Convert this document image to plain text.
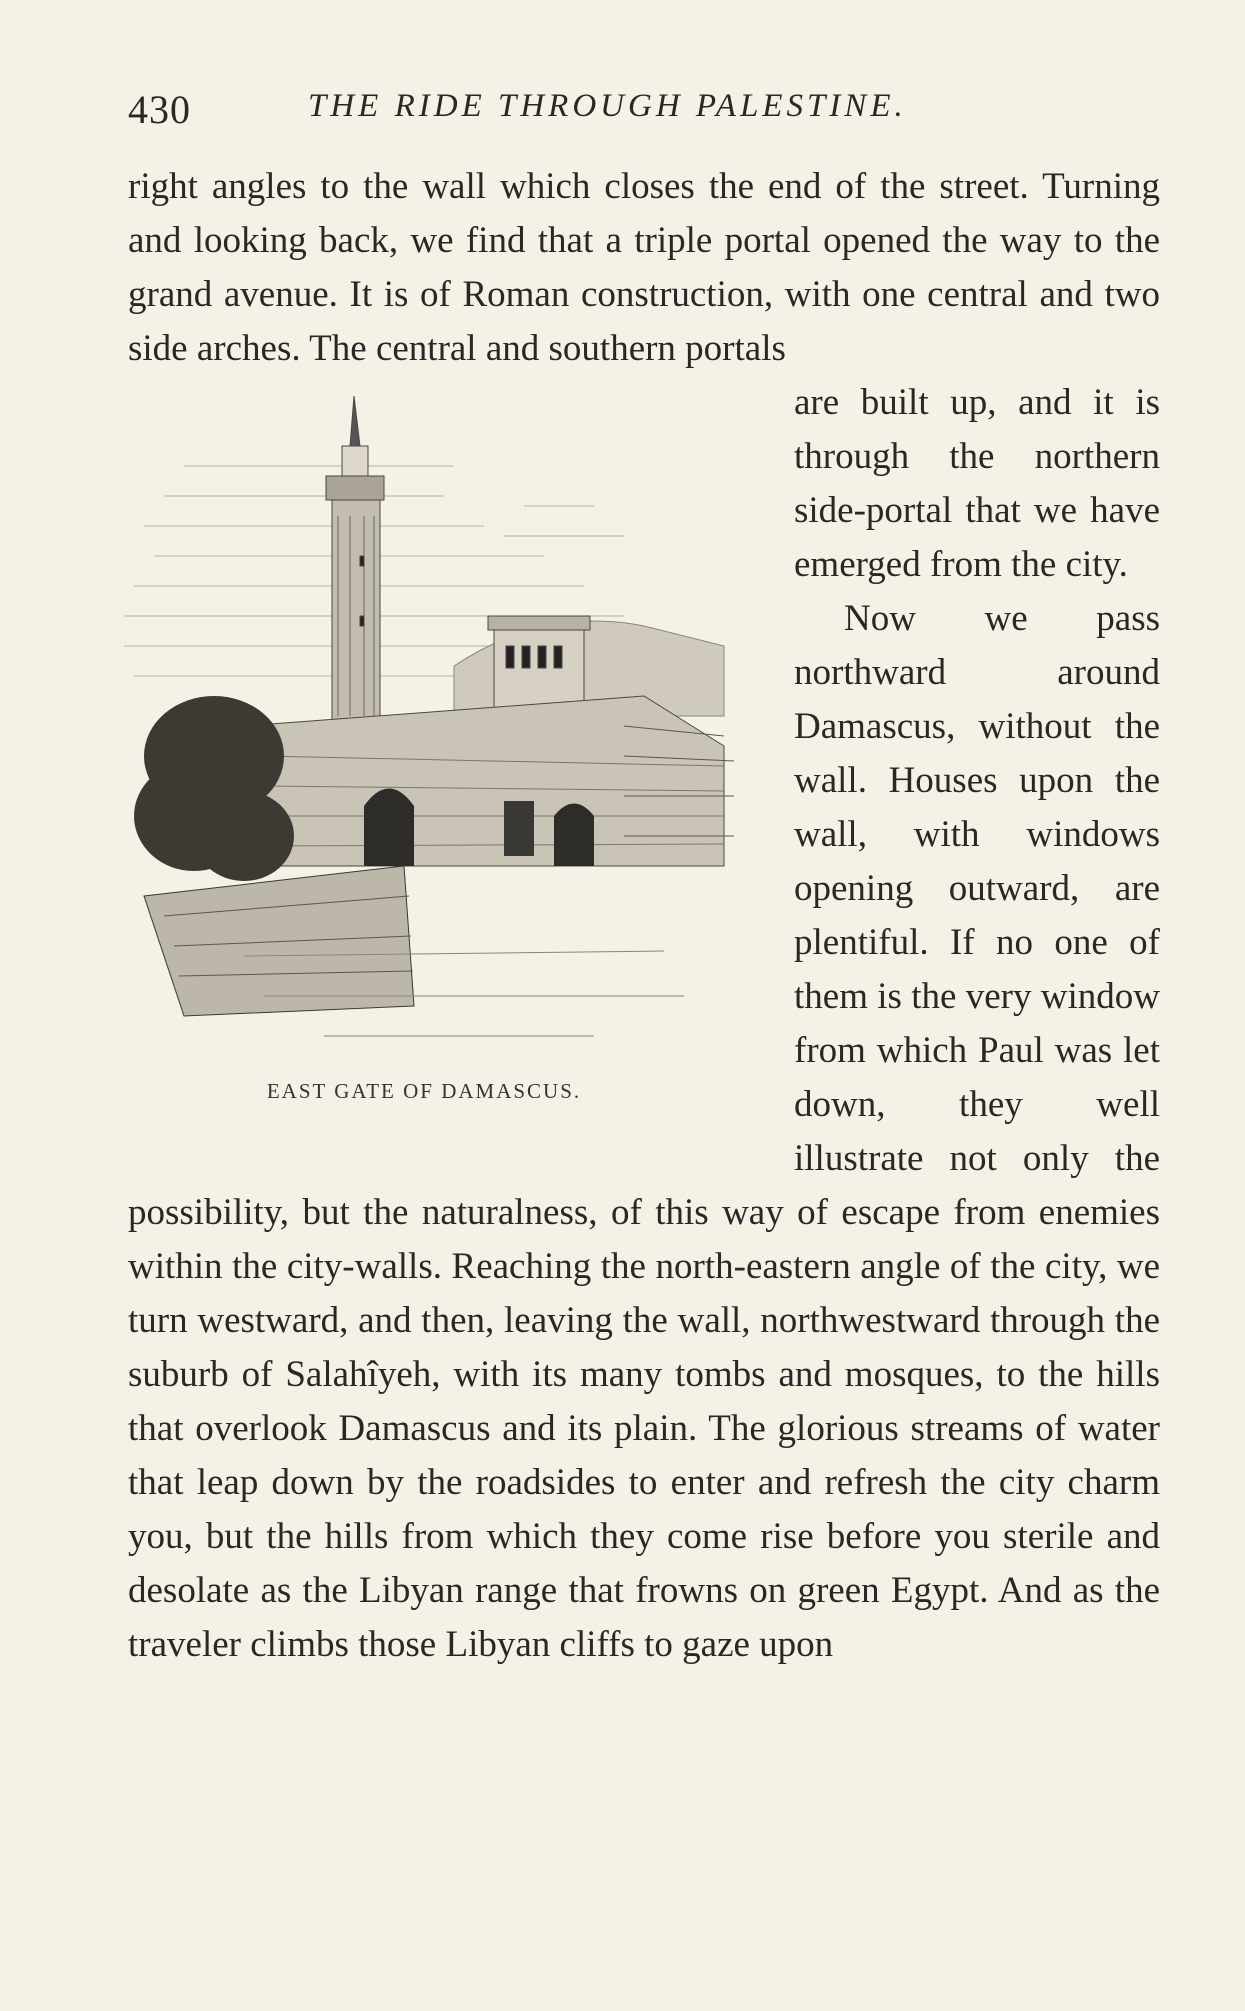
430	THE RIDE THROUGH PALESTINE.

right angles to the wall which closes the end of the street. Turning and looking back, we find that a triple portal opened the way to the grand avenue. It is of Roman construction, with one central and two side arches. The central and southern portals

EAST GATE OF DAMASCUS.

are built up, and it is through the northern side-portal that we have emerged from the city.

Now we pass northward around Damascus, without the wall. Houses upon the wall, with windows opening outward, are plentiful. If no one of them is the very window from which Paul was let down, they well illustrate not only the possibility, but the naturalness, of this way of escape from enemies within the city-walls. Reaching the north-eastern angle of the city, we turn westward, and then, leaving the wall, northwestward through the suburb of Salahîyeh, with its many tombs and mosques, to the hills that overlook Damascus and its plain. The glorious streams of water that leap down by the roadsides to enter and refresh the city charm you, but the hills from which they come rise before you sterile and desolate as the Libyan range that frowns on green Egypt. And as the traveler climbs those Libyan cliffs to gaze upon
